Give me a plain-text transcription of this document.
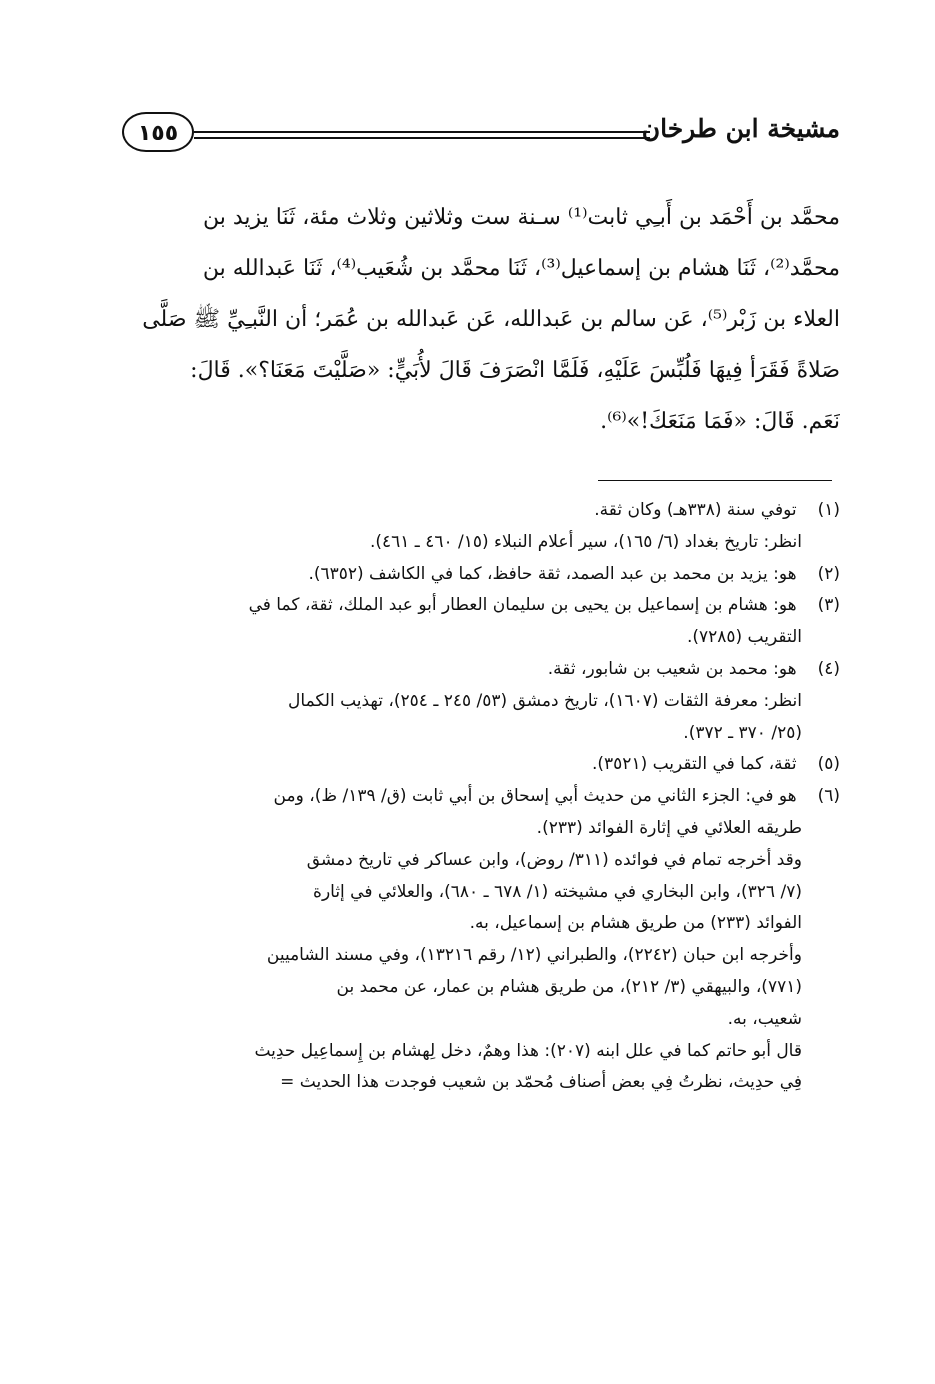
مشيخة ابن طرخان
١٥٥
محمَّد بن أَحْمَد بن أَبـِي ثابت⁽¹⁾ سـنة ست وثلاثين وثلاث مئة، ثَنَا يزيد بن
محمَّد⁽²⁾، ثَنَا هشام بن إسماعيل⁽³⁾، ثَنَا محمَّد بن شُعَيب⁽⁴⁾، ثَنَا عَبدالله بن
العلاء بن زَبْر⁽⁵⁾، عَن سالم بن عَبدالله، عَن عَبدالله بن عُمَر؛ أن النَّبـِيِّ ﷺ صَلَّى
صَلاةً فَقَرَأ فِيهَا فَلُبِّسَ عَلَيْهِ، فَلَمَّا انْصَرَفَ قَالَ لأُبَيٍّ: «صَلَّيْتَ مَعَنَا؟». قَالَ:
نَعَم. قَالَ: «فَمَا مَنَعَكَ!»⁽⁶⁾.
(١) توفي سنة (٣٣٨هـ) وكان ثقة.
انظر: تاريخ بغداد (٦/ ١٦٥)، سير أعلام النبلاء (١٥/ ٤٦٠ ـ ٤٦١).
(٢) هو: يزيد بن محمد بن عبد الصمد، ثقة حافظ، كما في الكاشف (٦٣٥٢).
(٣) هو: هشام بن إسماعيل بن يحيى بن سليمان العطار أبو عبد الملك، ثقة، كما في
التقريب (٧٢٨٥).
(٤) هو: محمد بن شعيب بن شابور، ثقة.
انظر: معرفة الثقات (١٦٠٧)، تاريخ دمشق (٥٣/ ٢٤٥ ـ ٢٥٤)، تهذيب الكمال
(٢٥/ ٣٧٠ ـ ٣٧٢).
(٥) ثقة، كما في التقريب (٣٥٢١).
(٦) هو في: الجزء الثاني من حديث أبي إسحاق بن أبي ثابت (ق/ ١٣٩/ ظ)، ومن
طريقه العلائي في إثارة الفوائد (٢٣٣).
وقد أخرجه تمام في فوائده (٣١١/ روض)، وابن عساكر في تاريخ دمشق
(٧/ ٣٢٦)، وابن البخاري في مشيخته (١/ ٦٧٨ ـ ٦٨٠)، والعلائي في إثارة
الفوائد (٢٣٣) من طريق هشام بن إسماعيل، به.
وأخرجه ابن حبان (٢٢٤٢)، والطبراني (١٢/ رقم ١٣٢١٦)، وفي مسند الشاميين
(٧٧١)، والبيهقي (٣/ ٢١٢)، من طريق هشام بن عمار، عن محمد بن
شعيب، به.
قال أبو حاتم كما في علل ابنه (٢٠٧): هذا وهمٌ، دخل لِهشام بن إِسماعِيل حدِيث
فِي حدِيث، نظرتُ فِي بعض أصناف مُحمّد بن شعيب فوجدت هذا الحديث =
